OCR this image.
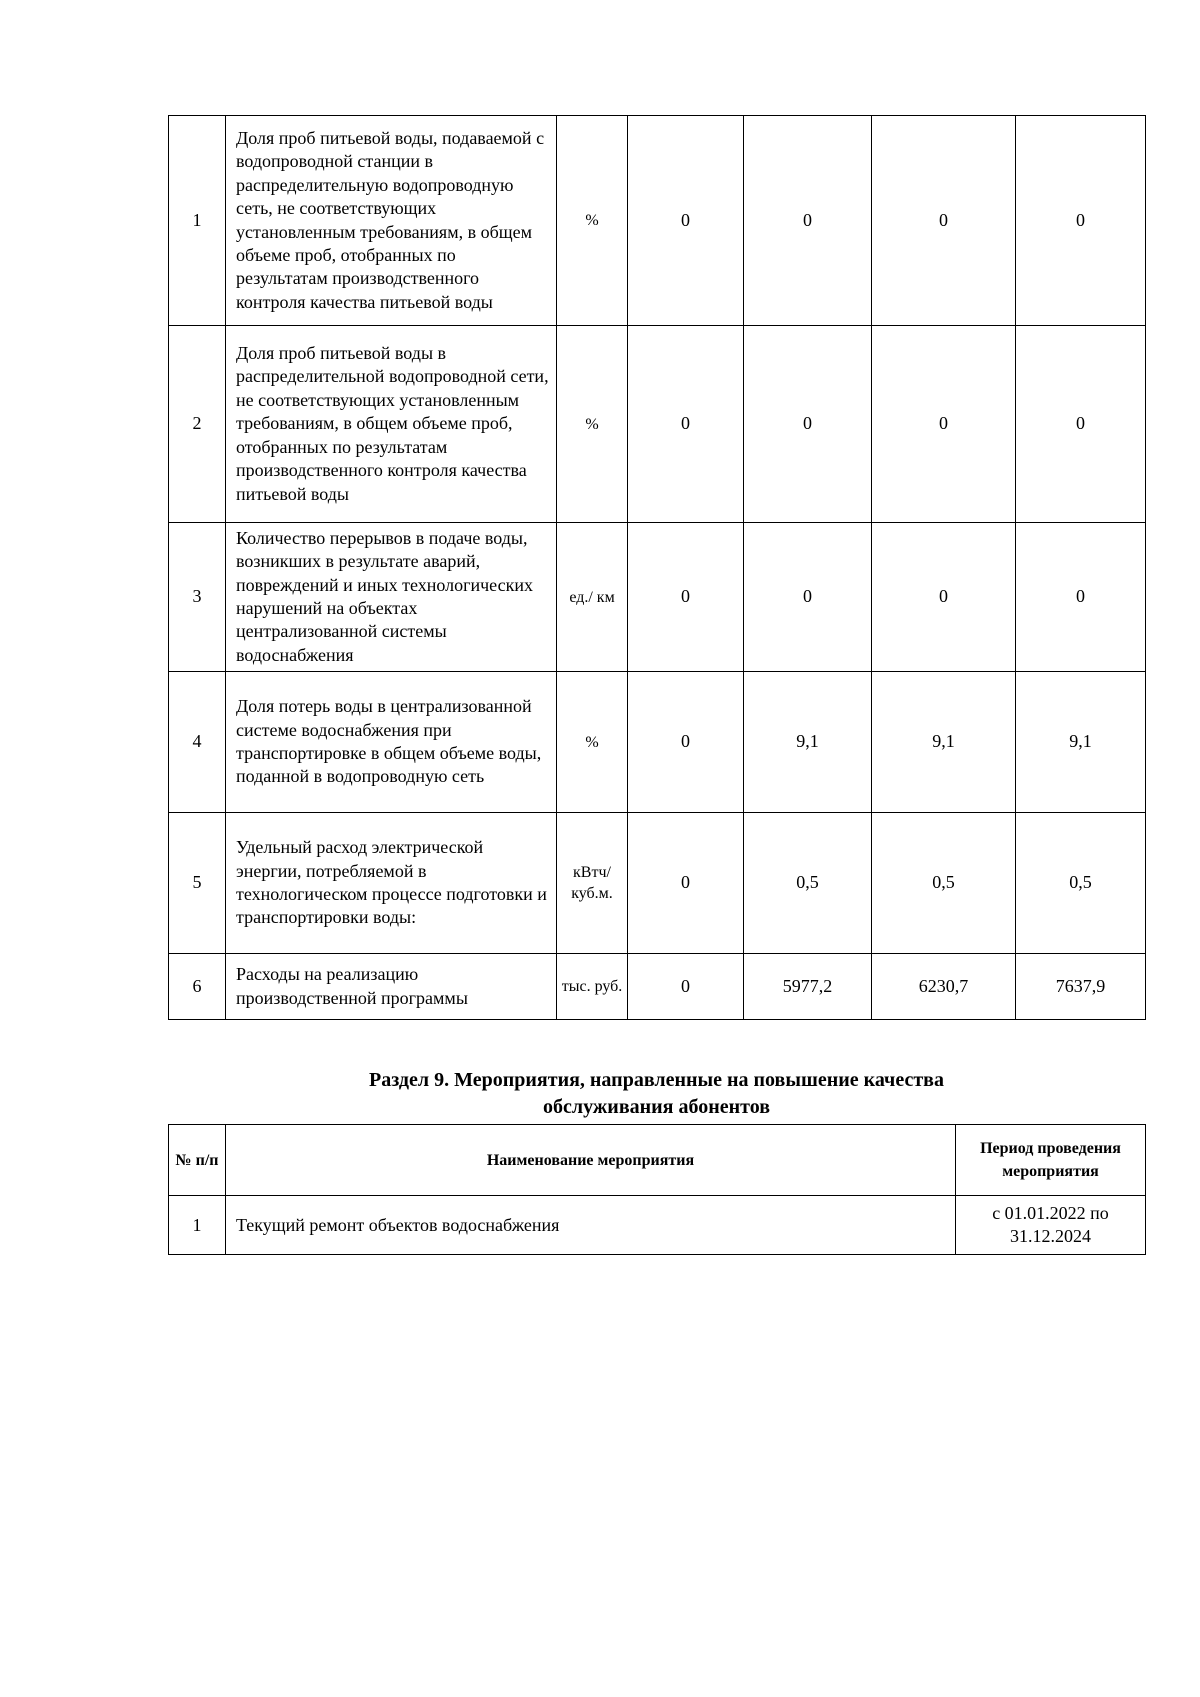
1	Доля проб питьевой воды, подаваемой с водопроводной станции в распределительную водопроводную сеть, не соответствующих установленным требованиям, в общем объеме проб, отобранных по результатам производственного контроля качества питьевой воды	%	0	0	0	0
2	Доля проб питьевой воды в распределительной водопроводной сети, не соответствующих установленным требованиям, в общем объеме проб, отобранных по результатам производственного контроля качества питьевой воды	%	0	0	0	0
3	Количество перерывов в подаче воды, возникших в результате аварий, повреждений и иных технологических нарушений на объектах централизованной системы водоснабжения	ед./ км	0	0	0	0
4	Доля потерь воды в централизованной системе водоснабжения при транспортировке в общем объеме воды, поданной в водопроводную сеть	%	0	9,1	9,1	9,1
5	Удельный расход электрической энергии, потребляемой в технологическом процессе подготовки и транспортировки воды:	кВтч/ куб.м.	0	0,5	0,5	0,5
6	Расходы на реализацию производственной программы	тыс. руб.	0	5977,2	6230,7	7637,9
Раздел 9. Мероприятия, направленные на повышение качества
обслуживания абонентов
№ п/п	Наименование мероприятия	Период проведения мероприятия
1	Текущий ремонт объектов водоснабжения	с 01.01.2022 по 31.12.2024
